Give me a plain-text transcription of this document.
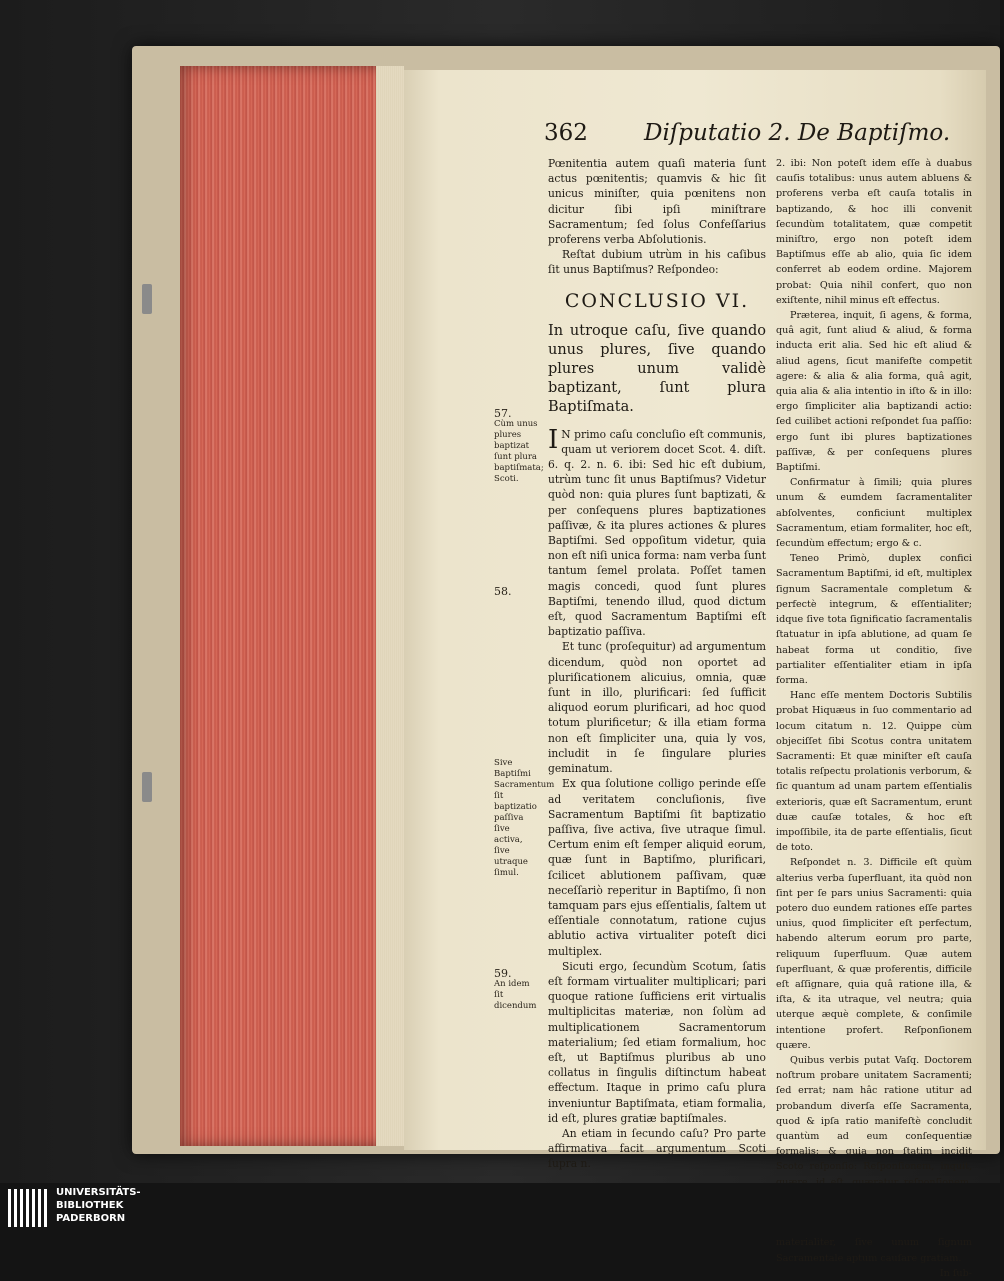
362 Diſputatio 2. De Baptiſmo.
57.
Cùm unus plures baptizat ſunt plura baptiſmata; Scoti.
58.
Sive Baptiſmi Sacramentum ſit baptizatio paſſiva ſive activa, ſive utraque ſimul.
59.
An idem ſit dicendum

Pœnitentia autem quaſi materia ſunt actus pœnitentis; quamvis & hic ſit unicus miniſter, quia pœnitens non dicitur ſibi ipſi miniſtrare Sacramentum; ſed ſolus Confeſſarius proferens verba Abſolutionis.

Reſtat dubium utrùm in his caſibus ſit unus Baptiſmus? Reſpondeo:

CONCLUSIO VI.

In utroque caſu, ſive quando unus plures, ſive quando plures unum validè baptizant, ſunt plura Baptiſmata.

IN primo caſu concluſio eſt communis, quam ut veriorem docet Scot. 4. diſt. 6. q. 2. n. 6. ibi: Sed hic eſt dubium, utrùm tunc ſit unus Baptiſmus? Videtur quòd non: quia plures ſunt baptizati, & per conſequens plures baptizationes paſſivæ, & ita plures actiones & plures Baptiſmi. Sed oppoſitum videtur, quia non eſt niſi unica forma: nam verba ſunt tantum ſemel prolata. Poſſet tamen magis concedi, quod ſunt plures Baptiſmi, tenendo illud, quod dictum eſt, quod Sacramentum Baptiſmi eſt baptizatio paſſiva.

Et tunc (proſequitur) ad argumentum dicendum, quòd non oportet ad pluriſicationem alicuius, omnia, quæ ſunt in illo, plurificari: ſed ſufficit aliquod eorum plurificari, ad hoc quod totum plurificetur; & illa etiam forma non eſt ſimpliciter una, quia ly vos, includit in ſe ſingulare pluries geminatum.

Ex qua ſolutione colligo perinde eſſe ad veritatem concluſionis, ſive Sacramentum Baptiſmi ſit baptizatio paſſiva, ſive activa, ſive utraque ſimul. Certum enim eſt ſemper aliquid eorum, quæ ſunt in Baptiſmo, plurificari, ſcilicet ablutionem paſſivam, quæ neceſſariò reperitur in Baptiſmo, ſi non tamquam pars ejus eſſentialis, ſaltem ut eſſentiale connotatum, ratione cujus ablutio activa virtualiter poteſt dici multiplex.

Sicuti ergo, ſecundùm Scotum, ſatis eſt formam virtualiter multiplicari; pari quoque ratione ſufficiens erit virtualis multiplicitas materiæ, non ſolùm ad multiplicationem Sacramentorum materialium; ſed etiam formalium, hoc eſt, ut Baptiſmus pluribus ab uno collatus in ſingulis diſtinctum habeat effectum. Itaque in primo caſu plura inveniuntur Baptiſmata, etiam formalia, id eſt, plures gratiæ baptiſmales.

An etiam in ſecundo caſu? Pro parte affirmativa facit argumentum Scoti ſupra n.

2. ibi: Non poteſt idem eſſe à duabus cauſis totalibus: unus autem abluens & proferens verba eſt cauſa totalis in baptizando, & hoc illi convenit ſecundùm totalitatem, quæ competit miniſtro, ergo non poteſt idem Baptiſmus eſſe ab alio, quia ſic idem conferret ab eodem ordine. Majorem probat: Quia nihil confert, quo non exiſtente, nihil minus eſt effectus.

Præterea, inquit, ſi agens, & forma, quâ agit, ſunt aliud & aliud, & forma inducta erit alia. Sed hic eſt aliud & aliud agens, ſicut manifeſte competit agere: & alia & alia forma, quâ agit, quia alia & alia intentio in iſto & in illo: ergo ſimpliciter alia baptizandi actio: ſed cuilibet actioni reſpondet ſua paſſio: ergo ſunt ibi plures baptizationes paſſivæ, & per conſequens plures Baptiſmi.

Confirmatur à ſimili; quia plures unum & eumdem ſacramentaliter abſolventes, conficiunt multiplex Sacramentum, etiam formaliter, hoc eſt, ſecundùm effectum; ergo & c.

Teneo Primò, duplex confici Sacramentum Baptiſmi, id eſt, multiplex ſignum Sacramentale completum & perfectè integrum, & eſſentialiter; idque ſive tota ſignificatio ſacramentalis ſtatuatur in ipſa ablutione, ad quam ſe habeat forma ut conditio, ſive partialiter eſſentialiter etiam in ipſa forma.

Hanc eſſe mentem Doctoris Subtilis probat Hiquæus in ſuo commentario ad locum citatum n. 12. Quippe cùm objeciſſet ſibi Scotus contra unitatem Sacramenti: Et quæ miniſter eſt cauſa totalis reſpectu prolationis verborum, & ſic quantum ad unam partem eſſentialis exterioris, quæ eſt Sacramentum, erunt duæ cauſæ totales, & hoc eſt impoſſibile, ita de parte eſſentialis, ſicut de toto.

Reſpondet n. 3. Difficile eſt quùm alterius verba ſuperfluant, ita quòd non ſint per ſe pars unius Sacramenti: quia potero duo eundem rationes eſſe partes unius, quod ſimpliciter eſt perfectum, habendo alterum eorum pro parte, reliquum ſuperfluum. Quæ autem ſuperfluant, & quæ proferentis, difficile eſt aſſignare, quia quâ ratione illa, & iſta, & ita utraque, vel neutra; quia uterque æquè complete, & conſimile intentione profert. Reſponſionem quære.

Quibus verbis putat Vaſq. Doctorem noſtrum probare unitatem Sacramenti; ſed errat; nam hâc ratione utitur ad probandum diverſa eſſe Sacramenta, quod & ipſa ratio manifeſtè concludit quantùm ad eum conſequentiæ formalis; & quia non ſtatim incidit Scoto reſponſio: Reſponſionem, inquit, materialiter, ſive unum ſignum Sacramentale aptum cauſare gratiam.

In ſub-

UNIVERSITÄTS-
BIBLIOTHEK
PADERBORN
